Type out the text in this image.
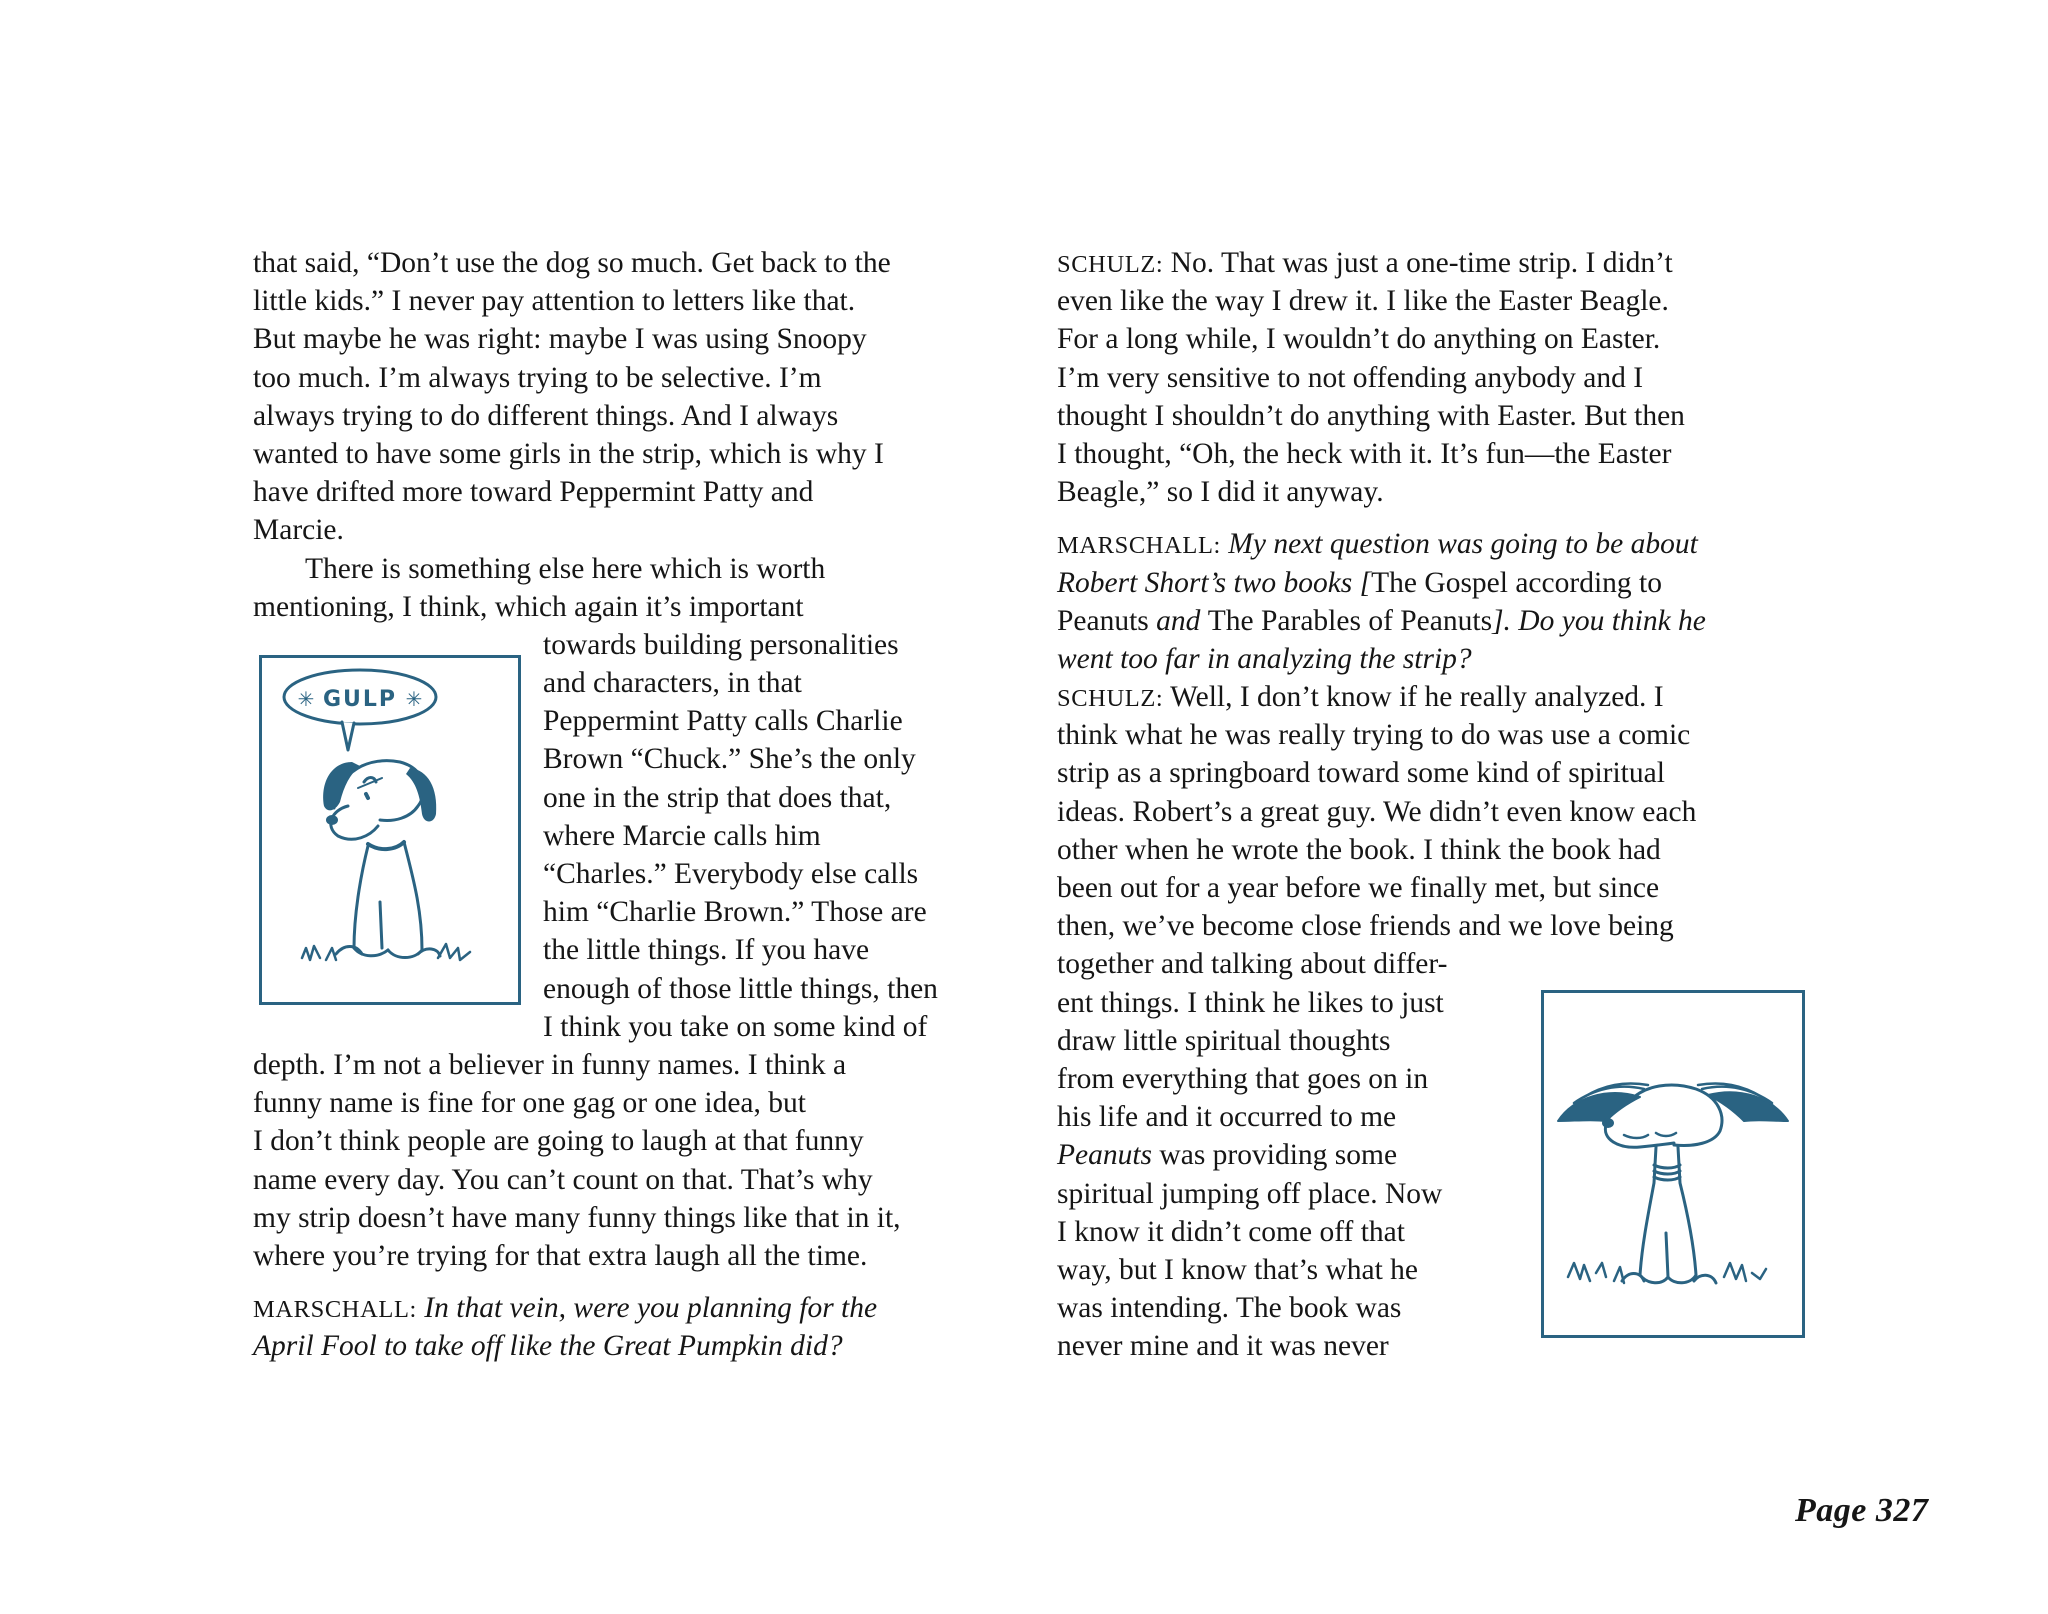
that said, “Don’t use the dog so much. Get back to the
little kids.” I never pay attention to letters like that.
But maybe he was right: maybe I was using Snoopy
too much. I’m always trying to be selective. I’m
always trying to do different things. And I always
wanted to have some girls in the strip, which is why I
have drifted more toward Peppermint Patty and
Marcie.
There is something else here which is worth
mentioning, I think, which again it’s important
towards building personalities
and characters, in that
Peppermint Patty calls Charlie
Brown “Chuck.” She’s the only
one in the strip that does that,
where Marcie calls him
“Charles.” Everybody else calls
him “Charlie Brown.” Those are
the little things. If you have
enough of those little things, then
I think you take on some kind of
depth. I’m not a believer in funny names. I think a
funny name is fine for one gag or one idea, but
I don’t think people are going to laugh at that funny
name every day. You can’t count on that. That’s why
my strip doesn’t have many funny things like that in it,
where you’re trying for that extra laugh all the time.
MARSCHALL: In that vein, were you planning for the
April Fool to take off like the Great Pumpkin did?
GULP
✳	✳
SCHULZ: No. That was just a one-time strip. I didn’t
even like the way I drew it. I like the Easter Beagle.
For a long while, I wouldn’t do anything on Easter.
I’m very sensitive to not offending anybody and I
thought I shouldn’t do anything with Easter. But then
I thought, “Oh, the heck with it. It’s fun—the Easter
Beagle,” so I did it anyway.
MARSCHALL: My next question was going to be about
Robert Short’s two books [The Gospel according to
Peanuts and The Parables of Peanuts]. Do you think he
went too far in analyzing the strip?
SCHULZ: Well, I don’t know if he really analyzed. I
think what he was really trying to do was use a comic
strip as a springboard toward some kind of spiritual
ideas. Robert’s a great guy. We didn’t even know each
other when he wrote the book. I think the book had
been out for a year before we finally met, but since
then, we’ve become close friends and we love being
together and talking about differ-
ent things. I think he likes to just
draw little spiritual thoughts
from everything that goes on in
his life and it occurred to me
Peanuts was providing some
spiritual jumping off place. Now
I know it didn’t come off that
way, but I know that’s what he
was intending. The book was
never mine and it was never
Page 327
